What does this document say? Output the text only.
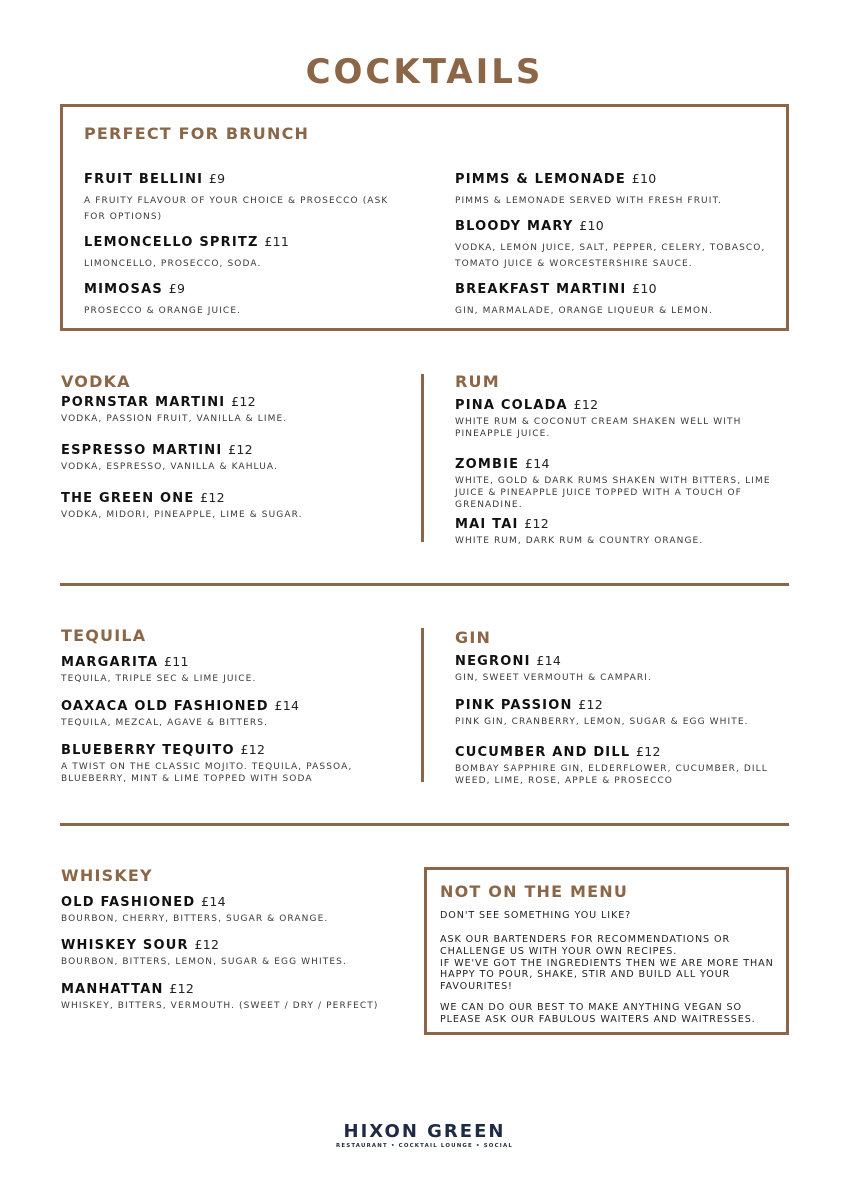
COCKTAILS
PERFECT FOR BRUNCH
FRUIT BELLINI £9
A FRUITY FLAVOUR OF YOUR CHOICE & PROSECCO (ASK FOR OPTIONS)
LEMONCELLO SPRITZ £11
LIMONCELLO, PROSECCO, SODA.
MIMOSAS £9
PROSECCO & ORANGE JUICE.
PIMMS & LEMONADE £10
PIMMS & LEMONADE SERVED WITH FRESH FRUIT.
BLOODY MARY £10
VODKA, LEMON JUICE, SALT, PEPPER, CELERY, TOBASCO, TOMATO JUICE & WORCESTERSHIRE SAUCE.
BREAKFAST MARTINI £10
GIN, MARMALADE, ORANGE LIQUEUR & LEMON.
VODKA
PORNSTAR MARTINI £12
VODKA, PASSION FRUIT, VANILLA & LIME.
ESPRESSO MARTINI £12
VODKA, ESPRESSO, VANILLA & KAHLUA.
THE GREEN ONE £12
VODKA, MIDORI, PINEAPPLE, LIME & SUGAR.
RUM
PINA COLADA £12
WHITE RUM & COCONUT CREAM SHAKEN WELL WITH PINEAPPLE JUICE.
ZOMBIE £14
WHITE, GOLD & DARK RUMS SHAKEN WITH BITTERS, LIME JUICE & PINEAPPLE JUICE TOPPED WITH A TOUCH OF GRENADINE.
MAI TAI £12
WHITE RUM, DARK RUM & COUNTRY ORANGE.
TEQUILA
MARGARITA £11
TEQUILA, TRIPLE SEC & LIME JUICE.
OAXACA OLD FASHIONED £14
TEQUILA, MEZCAL, AGAVE & BITTERS.
BLUEBERRY TEQUITO £12
A TWIST ON THE CLASSIC MOJITO. TEQUILA, PASSOA, BLUEBERRY, MINT & LIME TOPPED WITH SODA
GIN
NEGRONI £14
GIN, SWEET VERMOUTH & CAMPARI.
PINK PASSION £12
PINK GIN, CRANBERRY, LEMON, SUGAR & EGG WHITE.
CUCUMBER AND DILL £12
BOMBAY SAPPHIRE GIN, ELDERFLOWER, CUCUMBER, DILL WEED, LIME, ROSE, APPLE & PROSECCO
WHISKEY
OLD FASHIONED £14
BOURBON, CHERRY, BITTERS, SUGAR & ORANGE.
WHISKEY SOUR £12
BOURBON, BITTERS, LEMON, SUGAR & EGG WHITES.
MANHATTAN £12
WHISKEY, BITTERS, VERMOUTH. (SWEET / DRY / PERFECT)
NOT ON THE MENU
DON'T SEE SOMETHING YOU LIKE?
ASK OUR BARTENDERS FOR RECOMMENDATIONS OR CHALLENGE US WITH YOUR OWN RECIPES.
IF WE'VE GOT THE INGREDIENTS THEN WE ARE MORE THAN HAPPY TO POUR, SHAKE, STIR AND BUILD ALL YOUR FAVOURITES!
WE CAN DO OUR BEST TO MAKE ANYTHING VEGAN SO PLEASE ASK OUR FABULOUS WAITERS AND WAITRESSES.
HIXON GREEN
RESTAURANT • COCKTAIL LOUNGE • SOCIAL
